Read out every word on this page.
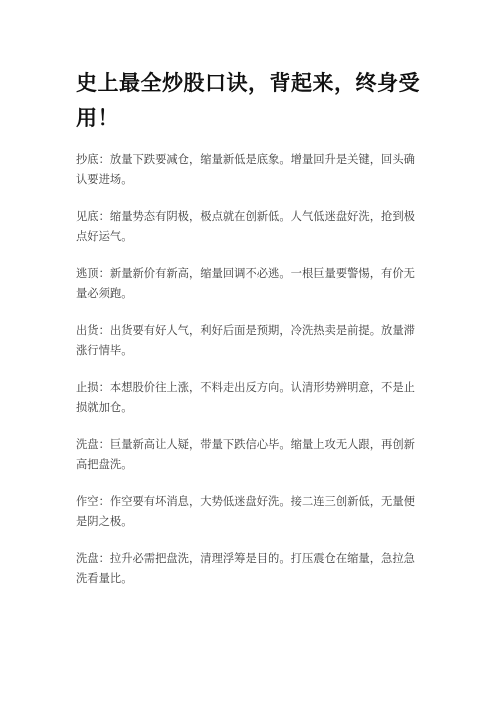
史上最全炒股口诀，背起来，终身受用！

抄底：放量下跌要减仓，缩量新低是底象。增量回升是关键，回头确认要进场。

见底：缩量势态有阴极，极点就在创新低。人气低迷盘好洗，抢到极点好运气。

逃顶：新量新价有新高，缩量回调不必逃。一根巨量要警惕，有价无量必须跑。

出货：出货要有好人气，利好后面是预期，冷洗热卖是前提。放量滞涨行情毕。

止损：本想股价往上涨，不料走出反方向。认清形势辨明意，不是止损就加仓。

洗盘：巨量新高让人疑，带量下跌信心毕。缩量上攻无人跟，再创新高把盘洗。

作空：作空要有坏消息，大势低迷盘好洗。接二连三创新低，无量便是阴之极。

洗盘：拉升必需把盘洗，清理浮筹是目的。打压震仓在缩量，急拉急洗看量比。
